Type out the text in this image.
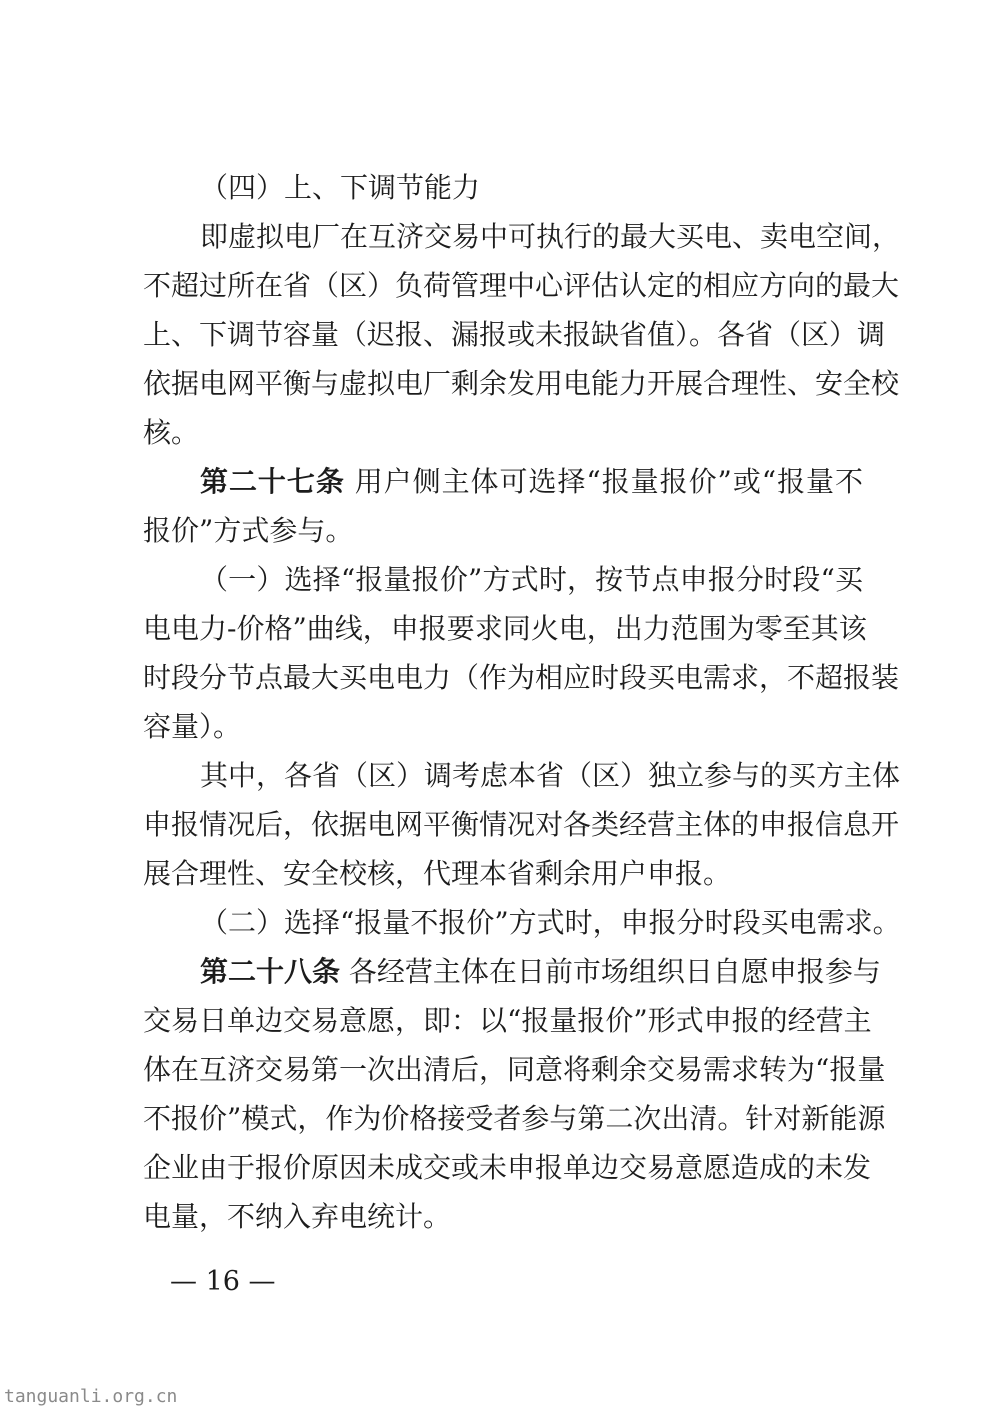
（四）上、下调节能力
即虚拟电厂在互济交易中可执行的最大买电、卖电空间，
不超过所在省（区）负荷管理中心评估认定的相应方向的最大
上、下调节容量（迟报、漏报或未报缺省值）。各省（区）调
依据电网平衡与虚拟电厂剩余发用电能力开展合理性、安全校
核。
第二十七条 用户侧主体可选择“报量报价”或“报量不
报价”方式参与。
（一）选择“报量报价”方式时，按节点申报分时段“买
电电力-价格”曲线，申报要求同火电，出力范围为零至其该
时段分节点最大买电电力（作为相应时段买电需求，不超报装
容量）。
其中，各省（区）调考虑本省（区）独立参与的买方主体
申报情况后，依据电网平衡情况对各类经营主体的申报信息开
展合理性、安全校核，代理本省剩余用户申报。
（二）选择“报量不报价”方式时，申报分时段买电需求。
第二十八条 各经营主体在日前市场组织日自愿申报参与
交易日单边交易意愿，即：以“报量报价”形式申报的经营主
体在互济交易第一次出清后，同意将剩余交易需求转为“报量
不报价”模式，作为价格接受者参与第二次出清。针对新能源
企业由于报价原因未成交或未申报单边交易意愿造成的未发
电量，不纳入弃电统计。
— 16 —
tanguanli.org.cn
